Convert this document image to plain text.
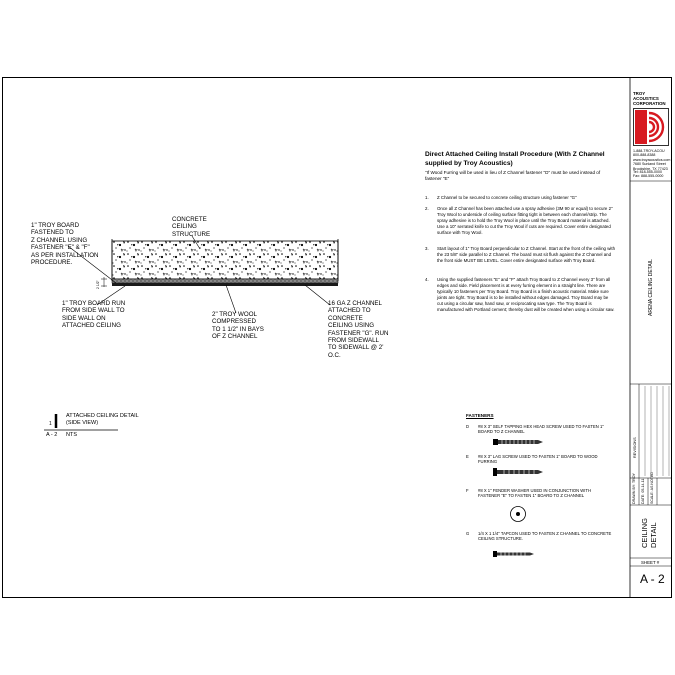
1" TROY BOARD
FASTENED TO
Z CHANNEL USING
FASTENER "E" & "F"
AS PER INSTALLATION
PROCEDURE.
CONCRETE
CEILING
STRUCTURE
1" TROY BOARD RUN
FROM SIDE WALL TO
SIDE WALL ON
ATTACHED CEILING
2" TROY WOOL
COMPRESSED
TO 1 1/2" IN BAYS
OF Z CHANNEL
16 GA Z CHANNEL
ATTACHED TO
CONCRETE
CEILING USING
FASTENER "G". RUN
FROM SIDEWALL
TO SIDEWALL @ 2'
O.C.
2 1/2"
1
A - 2
ATTACHED CEILING DETAIL
(SIDE VIEW)
NTS
Direct Attached Ceiling Install Procedure (With Z Channel supplied by Troy Acoustics)
"If Wood Furring will be used in lieu of Z Channel fastener "D" must be used instead of fastener "E"
1. Z Channel to be secured to concrete ceiling structure using fastener "G"
2. Once all Z Channel has been attached use a spray adhesive (3M 90 or equal) to secure 2" Troy Wool to underside of ceiling surface fitting tight in between each channel/strip. The spray adhesive is to hold the Troy Wool in place until the Troy Board material is attached. Use a 10" serrated knife to cut the Troy Wool if cuts are required. Cover entire designated surface with Troy Wool.
3. Start layout of 1" Troy Board perpendicular to Z Channel. Start at the front of the ceiling with the 23 5/8" side parallel to Z Channel. The board must sit flush against the Z Channel and the front side MUST BE LEVEL. Cover entire designated surface with Troy Board.
4. Using the supplied fasteners "E" and "F" attach Troy Board to Z Channel every 3" from all edges and side. Field placement is at every furring element in a straight line. There are typically 10 fasteners per Troy Board. Troy Board is a finish acoustic material. Make sure joints are tight. Troy Board is to be installed without edges damaged. Troy Board may be cut using a circular saw, hand saw, or reciprocating saw type. The Troy Board is manufactured with Portland cement; thereby dust will be created when using a circular saw.
FASTENERS
D #8 X 3" SELF TAPPING HEX HEAD SCREW USED TO FASTEN 1" BOARD TO Z CHANNEL
E #8 X 3" LAG SCREW USED TO FASTEN 1" BOARD TO WOOD FURRING
F #8 X 1" FENDER WASHER USED IN CONJUNCTION WITH FASTENER "E" TO FASTEN 1" BOARD TO Z CHANNEL
G 1/4 X 1 1/4" TAPCON USED TO FASTEN Z CHANNEL TO CONCRETE CEILING STRUCTURE.
TROY
ACOUSTICS
CORPORATION
1-888-TROY-ACOU 800-888-8388
www.troyacoustics.com
7680 Sunland Street
Brookshire, TX 77423
Tel: 818-555-0000
Fax: 888-555-0000
ARENA CEILING DETAIL
REVISIONS
DRAWN BY: TROY DATE: 05-14-11 SCALE: AS NOTED
CEILING
DETAIL
SHEET #
A - 2
